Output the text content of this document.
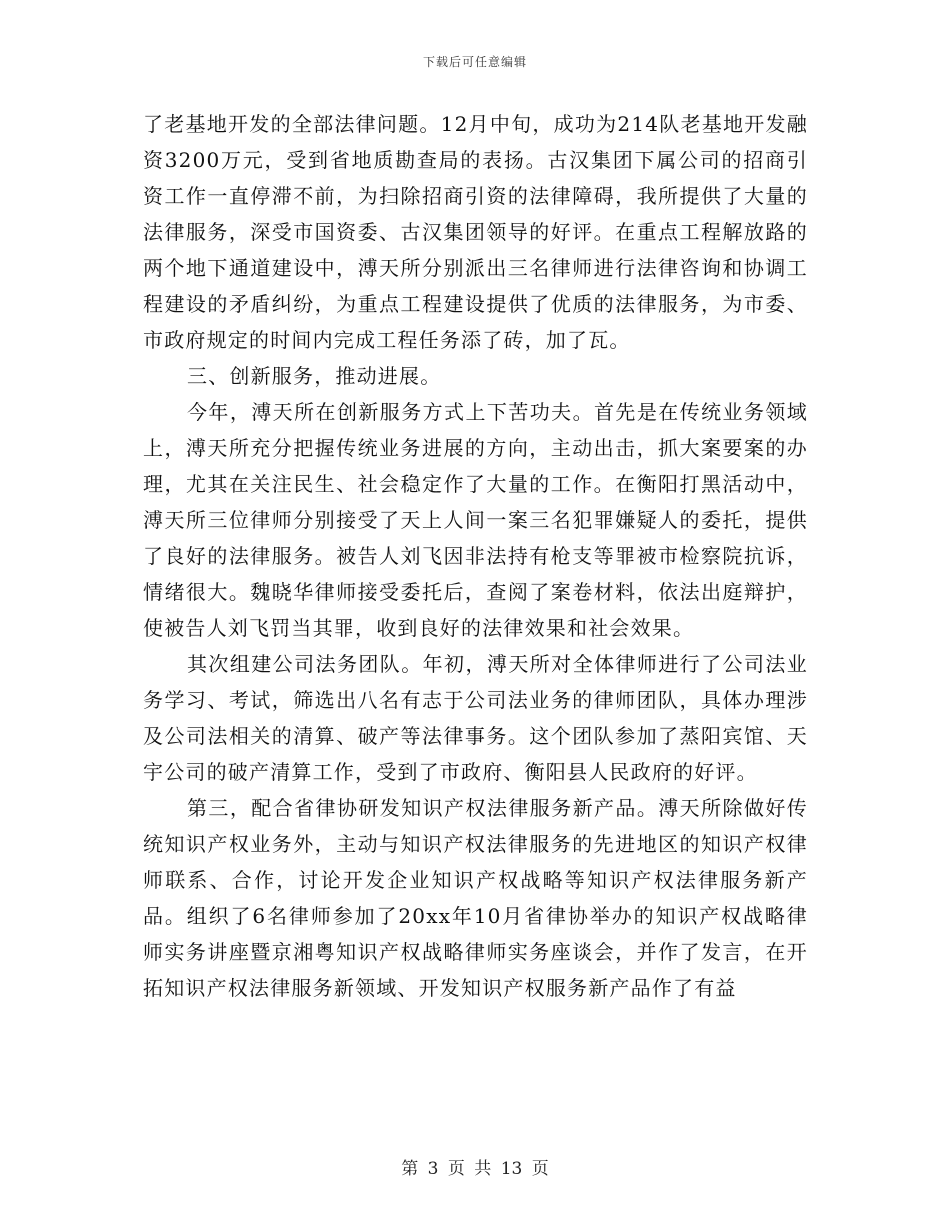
下载后可任意编辑

了老基地开发的全部法律问题。12月中旬，成功为214队老基地开发融资3200万元，受到省地质勘查局的表扬。古汉集团下属公司的招商引资工作一直停滞不前，为扫除招商引资的法律障碍，我所提供了大量的法律服务，深受市国资委、古汉集团领导的好评。在重点工程解放路的两个地下通道建设中，溥天所分别派出三名律师进行法律咨询和协调工程建设的矛盾纠纷，为重点工程建设提供了优质的法律服务，为市委、市政府规定的时间内完成工程任务添了砖，加了瓦。

三、创新服务，推动进展。

今年，溥天所在创新服务方式上下苦功夫。首先是在传统业务领域上，溥天所充分把握传统业务进展的方向，主动出击，抓大案要案的办理，尤其在关注民生、社会稳定作了大量的工作。在衡阳打黑活动中，溥天所三位律师分别接受了天上人间一案三名犯罪嫌疑人的委托，提供了良好的法律服务。被告人刘飞因非法持有枪支等罪被市检察院抗诉，情绪很大。魏晓华律师接受委托后，查阅了案卷材料，依法出庭辩护，使被告人刘飞罚当其罪，收到良好的法律效果和社会效果。

其次组建公司法务团队。年初，溥天所对全体律师进行了公司法业务学习、考试，筛选出八名有志于公司法业务的律师团队，具体办理涉及公司法相关的清算、破产等法律事务。这个团队参加了蒸阳宾馆、天宇公司的破产清算工作，受到了市政府、衡阳县人民政府的好评。

第三，配合省律协研发知识产权法律服务新产品。溥天所除做好传统知识产权业务外，主动与知识产权法律服务的先进地区的知识产权律师联系、合作，讨论开发企业知识产权战略等知识产权法律服务新产品。组织了6名律师参加了20xx年10月省律协举办的知识产权战略律师实务讲座暨京湘粤知识产权战略律师实务座谈会，并作了发言，在开拓知识产权法律服务新领域、开发知识产权服务新产品作了有益

第 3 页 共 13 页
